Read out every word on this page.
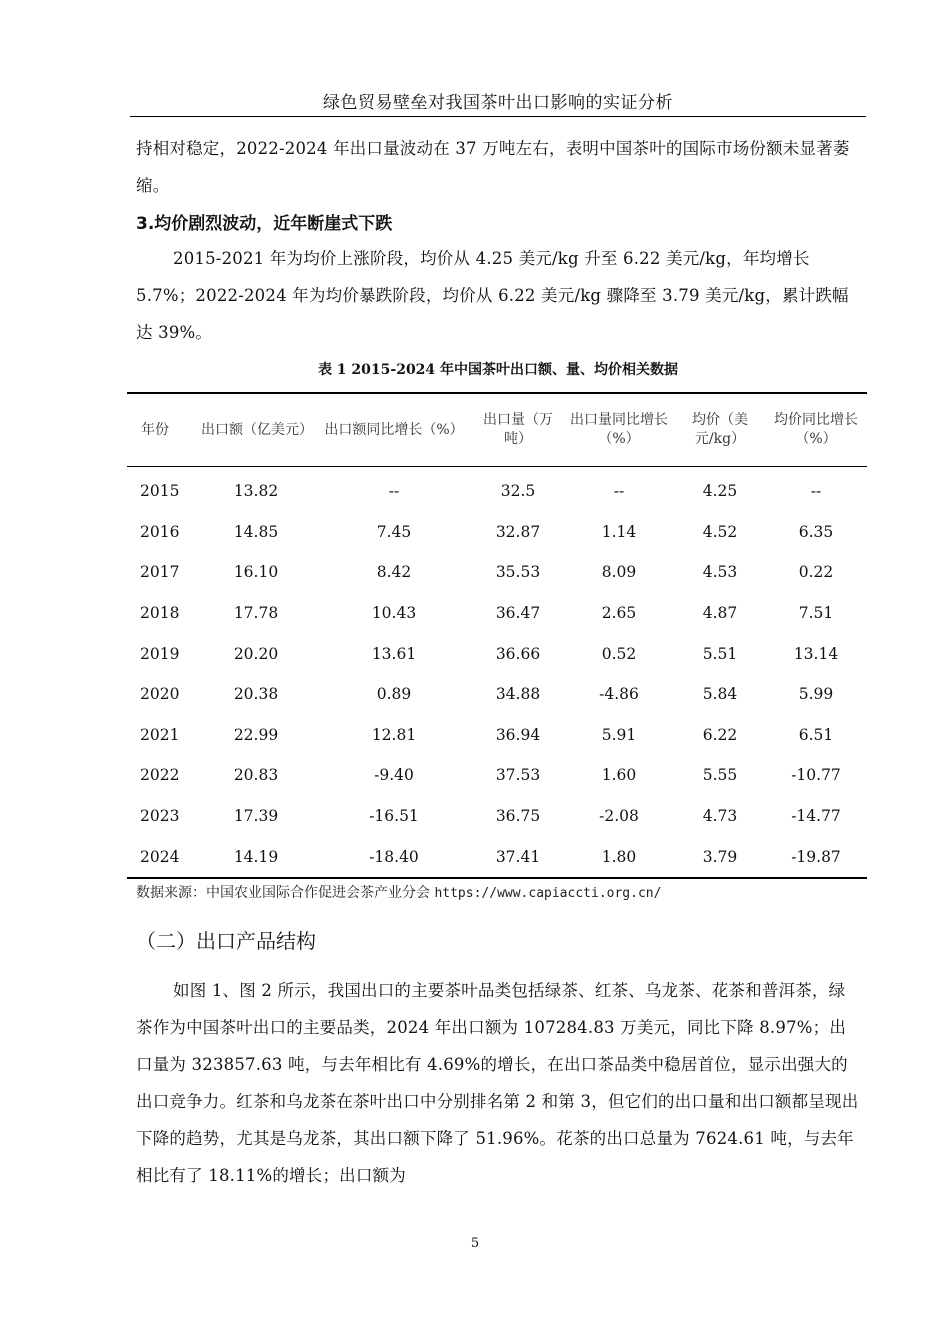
绿色贸易壁垒对我国茶叶出口影响的实证分析

持相对稳定，2022-2024 年出口量波动在 37 万吨左右，表明中国茶叶的国际市场份额未显著萎缩。

3.均价剧烈波动，近年断崖式下跌

2015-2021 年为均价上涨阶段，均价从 4.25 美元/kg 升至 6.22 美元/kg，年均增长 5.7%；2022-2024 年为均价暴跌阶段，均价从 6.22 美元/kg 骤降至 3.79 美元/kg，累计跌幅达 39%。

表 1 2015-2024 年中国茶叶出口额、量、均价相关数据
年份	出口额（亿美元）	出口额同比增长（%）	出口量（万吨）	出口量同比增长（%）	均价（美元/kg）	均价同比增长（%）
2015	13.82	--	32.5	--	4.25	--
2016	14.85	7.45	32.87	1.14	4.52	6.35
2017	16.10	8.42	35.53	8.09	4.53	0.22
2018	17.78	10.43	36.47	2.65	4.87	7.51
2019	20.20	13.61	36.66	0.52	5.51	13.14
2020	20.38	0.89	34.88	-4.86	5.84	5.99
2021	22.99	12.81	36.94	5.91	6.22	6.51
2022	20.83	-9.40	37.53	1.60	5.55	-10.77
2023	17.39	-16.51	36.75	-2.08	4.73	-14.77
2024	14.19	-18.40	37.41	1.80	3.79	-19.87
数据来源：中国农业国际合作促进会茶产业分会 https://www.capiaccti.org.cn/
（二）出口产品结构

如图 1、图 2 所示，我国出口的主要茶叶品类包括绿茶、红茶、乌龙茶、花茶和普洱茶，绿茶作为中国茶叶出口的主要品类，2024 年出口额为 107284.83 万美元，同比下降 8.97%；出口量为 323857.63 吨，与去年相比有 4.69%的增长，在出口茶品类中稳居首位，显示出强大的出口竞争力。红茶和乌龙茶在茶叶出口中分别排名第 2 和第 3，但它们的出口量和出口额都呈现出下降的趋势，尤其是乌龙茶，其出口额下降了 51.96%。花茶的出口总量为 7624.61 吨，与去年相比有了 18.11%的增长；出口额为

5
